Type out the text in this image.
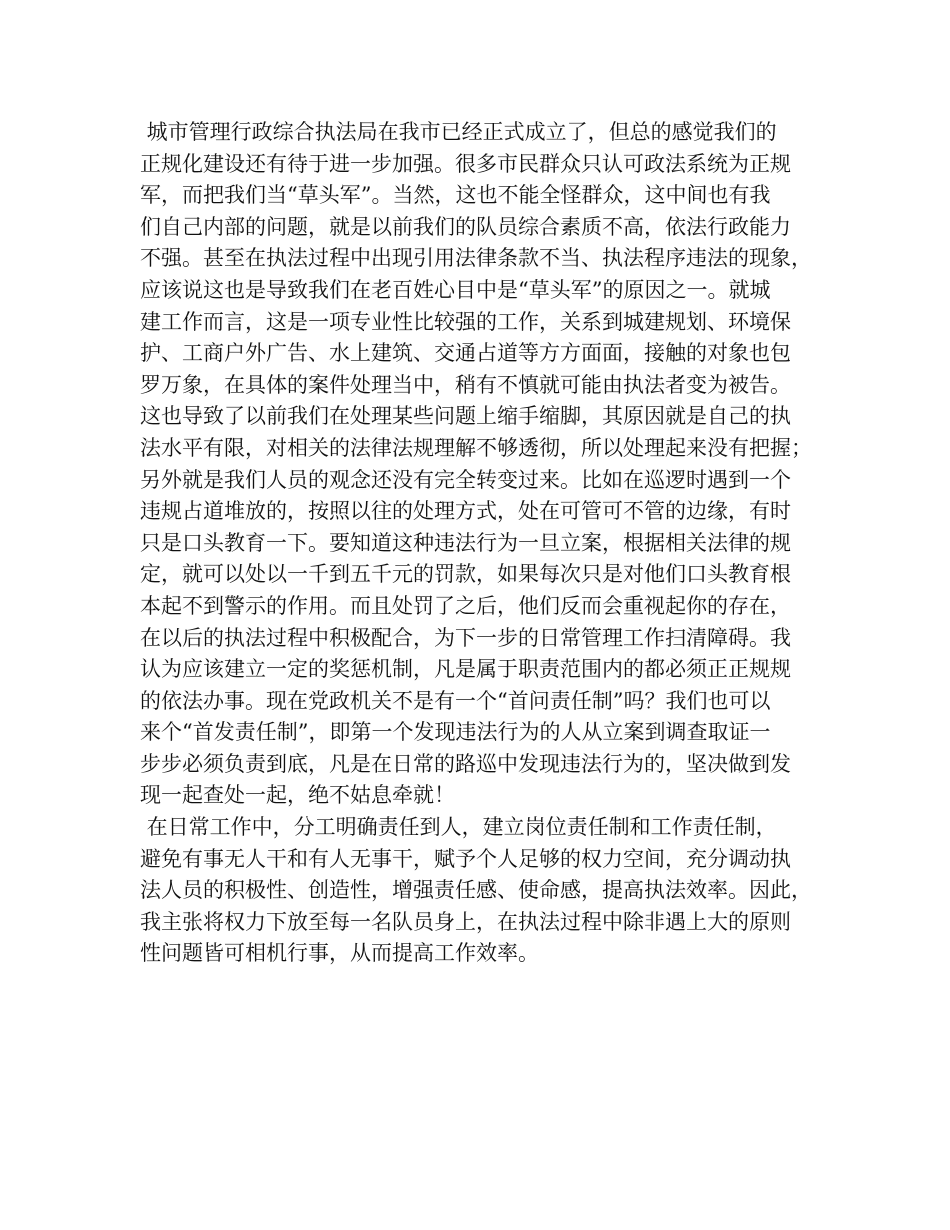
城市管理行政综合执法局在我市已经正式成立了，但总的感觉我们的
正规化建设还有待于进一步加强。很多市民群众只认可政法系统为正规
军，而把我们当“草头军”。当然，这也不能全怪群众，这中间也有我
们自己内部的问题，就是以前我们的队员综合素质不高，依法行政能力
不强。甚至在执法过程中出现引用法律条款不当、执法程序违法的现象，
应该说这也是导致我们在老百姓心目中是“草头军”的原因之一。就城
建工作而言，这是一项专业性比较强的工作，关系到城建规划、环境保
护、工商户外广告、水上建筑、交通占道等方方面面，接触的对象也包
罗万象，在具体的案件处理当中，稍有不慎就可能由执法者变为被告。
这也导致了以前我们在处理某些问题上缩手缩脚，其原因就是自己的执
法水平有限，对相关的法律法规理解不够透彻，所以处理起来没有把握；
另外就是我们人员的观念还没有完全转变过来。比如在巡逻时遇到一个
违规占道堆放的，按照以往的处理方式，处在可管可不管的边缘，有时
只是口头教育一下。要知道这种违法行为一旦立案，根据相关法律的规
定，就可以处以一千到五千元的罚款，如果每次只是对他们口头教育根
本起不到警示的作用。而且处罚了之后，他们反而会重视起你的存在，
在以后的执法过程中积极配合，为下一步的日常管理工作扫清障碍。我
认为应该建立一定的奖惩机制，凡是属于职责范围内的都必须正正规规
的依法办事。现在党政机关不是有一个“首问责任制”吗？我们也可以
来个“首发责任制”，即第一个发现违法行为的人从立案到调查取证一
步步必须负责到底，凡是在日常的路巡中发现违法行为的，坚决做到发
现一起查处一起，绝不姑息牵就！
在日常工作中，分工明确责任到人，建立岗位责任制和工作责任制，
避免有事无人干和有人无事干，赋予个人足够的权力空间，充分调动执
法人员的积极性、创造性，增强责任感、使命感，提高执法效率。因此，
我主张将权力下放至每一名队员身上，在执法过程中除非遇上大的原则
性问题皆可相机行事，从而提高工作效率。
